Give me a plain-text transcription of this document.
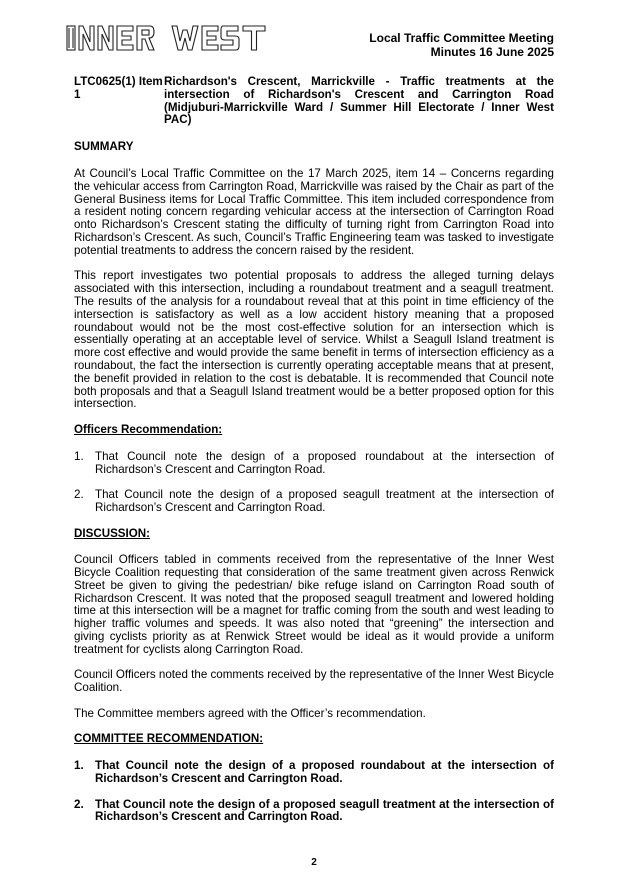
Local Traffic Committee Meeting
Minutes 16 June 2025
LTC0625(1) Item 1
Richardson's Crescent, Marrickville - Traffic treatments at the intersection of Richardson's Crescent and Carrington Road (Midjuburi-Marrickville Ward / Summer Hill Electorate / Inner West PAC)
SUMMARY

At Council’s Local Traffic Committee on the 17 March 2025, item 14 – Concerns regarding the vehicular access from Carrington Road, Marrickville was raised by the Chair as part of the General Business items for Local Traffic Committee. This item included correspondence from a resident noting concern regarding vehicular access at the intersection of Carrington Road onto Richardson’s Crescent stating the difficulty of turning right from Carrington Road into Richardson’s Crescent. As such, Council’s Traffic Engineering team was tasked to investigate potential treatments to address the concern raised by the resident.

This report investigates two potential proposals to address the alleged turning delays associated with this intersection, including a roundabout treatment and a seagull treatment. The results of the analysis for a roundabout reveal that at this point in time efficiency of the intersection is satisfactory as well as a low accident history meaning that a proposed roundabout would not be the most cost-effective solution for an intersection which is essentially operating at an acceptable level of service. Whilst a Seagull Island treatment is more cost effective and would provide the same benefit in terms of intersection efficiency as a roundabout, the fact the intersection is currently operating acceptable means that at present, the benefit provided in relation to the cost is debatable. It is recommended that Council note both proposals and that a Seagull Island treatment would be a better proposed option for this intersection.

Officers Recommendation:
1. That Council note the design of a proposed roundabout at the intersection of Richardson’s Crescent and Carrington Road.
2. That Council note the design of a proposed seagull treatment at the intersection of Richardson’s Crescent and Carrington Road.
DISCUSSION:

Council Officers tabled in comments received from the representative of the Inner West Bicycle Coalition requesting that consideration of the same treatment given across Renwick Street be given to giving the pedestrian/ bike refuge island on Carrington Road south of Richardson Crescent. It was noted that the proposed seagull treatment and lowered holding time at this intersection will be a magnet for traffic coming from the south and west leading to higher traffic volumes and speeds. It was also noted that “greening” the intersection and giving cyclists priority as at Renwick Street would be ideal as it would provide a uniform treatment for cyclists along Carrington Road.

Council Officers noted the comments received by the representative of the Inner West Bicycle Coalition.

The Committee members agreed with the Officer’s recommendation.

COMMITTEE RECOMMENDATION:
1. That Council note the design of a proposed roundabout at the intersection of Richardson’s Crescent and Carrington Road.
2. That Council note the design of a proposed seagull treatment at the intersection of Richardson’s Crescent and Carrington Road.
2
